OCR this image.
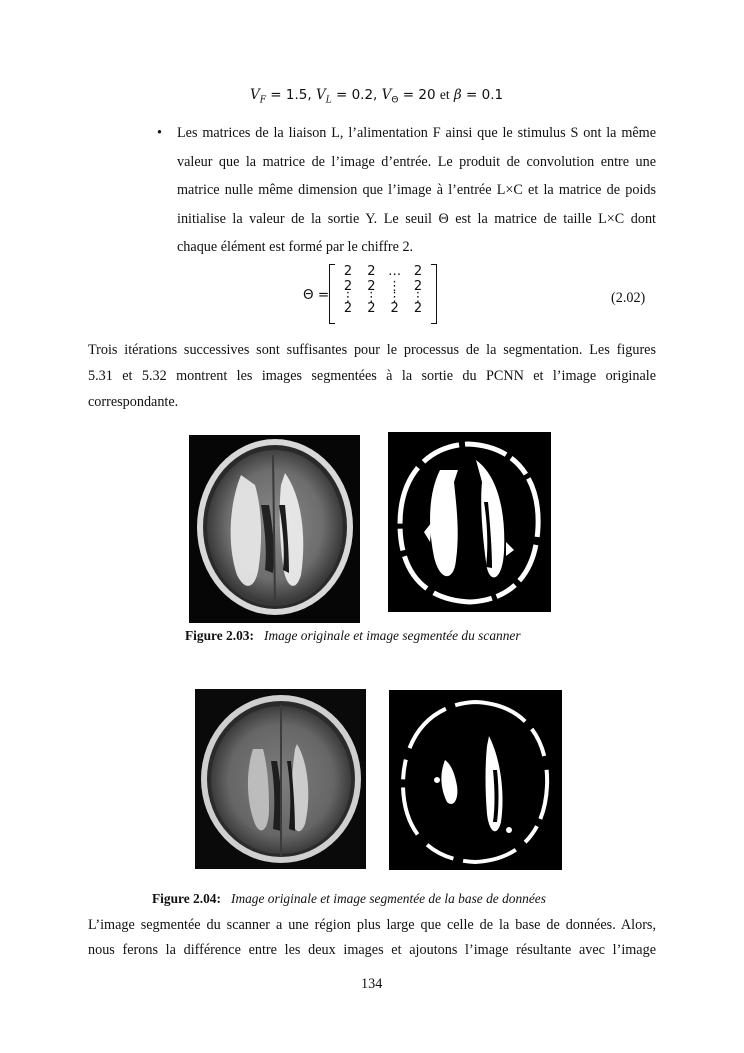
$V_F = 1.5$, $V_L = 0.2$, $V_\Theta = 20$ et β = 0.1
• Les matrices de la liaison L, l’alimentation F ainsi que le stimulus S ont la même
valeur que la matrice de l’image d’entrée. Le produit de convolution entre une
matrice nulle même dimension que l’image à l’entrée L×C et la matrice de poids
initialise la valeur de la sortie Y. Le seuil Θ est la matrice de taille L×C dont
chaque élément est formé par le chiffre 2.
Θ =
2	2 … 2
2	2 ⋮ 2
⋮ ⋮ ⋮ ⋮
2	2	2	2
(2.02)
Trois itérations successives sont suffisantes pour le processus de la segmentation. Les figures
5.31 et 5.32 montrent les images segmentées à la sortie du PCNN et l’image originale
correspondante.
Figure 2.03: Image originale et image segmentée du scanner
Figure 2.04: Image originale et image segmentée de la base de données
L’image segmentée du scanner a une région plus large que celle de la base de données. Alors,
nous ferons la différence entre les deux images et ajoutons l’image résultante avec l’image
134
